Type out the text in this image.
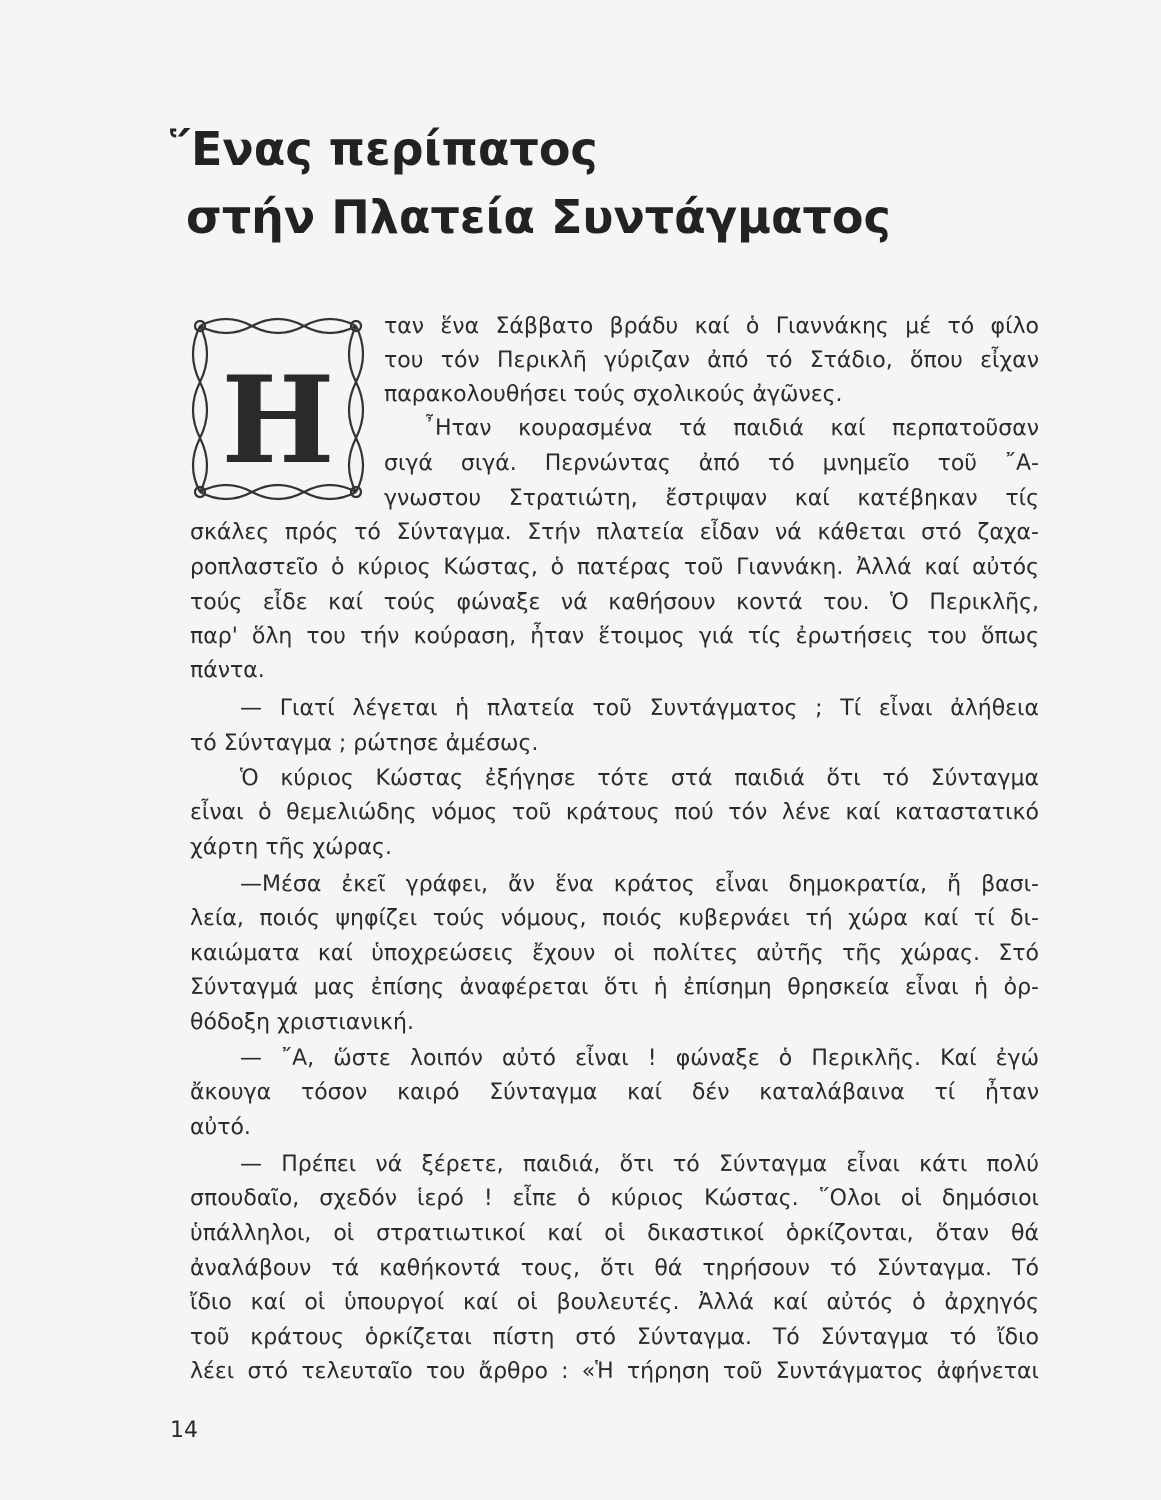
῞Ενας περίπατος
στήν Πλατεία Συντάγματος
Η
ταν ἕνα Σάββατο βράδυ καί ὁ Γιαννάκης μέ τό φίλο
του τόν Περικλῆ γύριζαν ἀπό τό Στάδιο, ὅπου εἶχαν
παρακολουθήσει τούς σχολικούς ἀγῶνες.
῏Ηταν κουρασμένα τά παιδιά καί περπατοῦσαν
σιγά σιγά. Περνώντας ἀπό τό μνημεῖο τοῦ ῎Α-
γνωστου Στρατιώτη, ἔστριψαν καί κατέβηκαν τίς
σκάλες πρός τό Σύνταγμα. Στήν πλατεία εἶδαν νά κάθεται στό ζαχα-
ροπλαστεῖο ὁ κύριος Κώστας, ὁ πατέρας τοῦ Γιαννάκη. Ἀλλά καί αὐτός
τούς εἶδε καί τούς φώναξε νά καθήσουν κοντά του. Ὁ Περικλῆς,
παρ' ὅλη του τήν κούραση, ἦταν ἕτοιμος γιά τίς ἐρωτήσεις του ὅπως
πάντα.
— Γιατί λέγεται ἡ πλατεία τοῦ Συντάγματος ; Τί εἶναι ἀλήθεια
τό Σύνταγμα ; ρώτησε ἀμέσως.
Ὁ κύριος Κώστας ἐξήγησε τότε στά παιδιά ὅτι τό Σύνταγμα
εἶναι ὁ θεμελιώδης νόμος τοῦ κράτους πού τόν λένε καί καταστατικό
χάρτη τῆς χώρας.
—Μέσα ἐκεῖ γράφει, ἄν ἕνα κράτος εἶναι δημοκρατία, ἤ βασι-
λεία, ποιός ψηφίζει τούς νόμους, ποιός κυβερνάει τή χώρα καί τί δι-
καιώματα καί ὑποχρεώσεις ἔχουν οἱ πολίτες αὐτῆς τῆς χώρας. Στό
Σύνταγμά μας ἐπίσης ἀναφέρεται ὅτι ἡ ἐπίσημη θρησκεία εἶναι ἡ ὀρ-
θόδοξη χριστιανική.
— ῎Α, ὥστε λοιπόν αὐτό εἶναι ! φώναξε ὁ Περικλῆς. Καί ἐγώ
ἄκουγα τόσον καιρό Σύνταγμα καί δέν καταλάβαινα τί ἦταν
αὐτό.
— Πρέπει νά ξέρετε, παιδιά, ὅτι τό Σύνταγμα εἶναι κάτι πολύ
σπουδαῖο, σχεδόν ἱερό ! εἶπε ὁ κύριος Κώστας. ῞Ολοι οἱ δημόσιοι
ὑπάλληλοι, οἱ στρατιωτικοί καί οἱ δικαστικοί ὁρκίζονται, ὅταν θά
ἀναλάβουν τά καθήκοντά τους, ὅτι θά τηρήσουν τό Σύνταγμα. Τό
ἴδιο καί οἱ ὑπουργοί καί οἱ βουλευτές. Ἀλλά καί αὐτός ὁ ἀρχηγός
τοῦ κράτους ὁρκίζεται πίστη στό Σύνταγμα. Τό Σύνταγμα τό ἴδιο
λέει στό τελευταῖο του ἄρθρο : «Ἡ τήρηση τοῦ Συντάγματος ἀφήνεται
14
